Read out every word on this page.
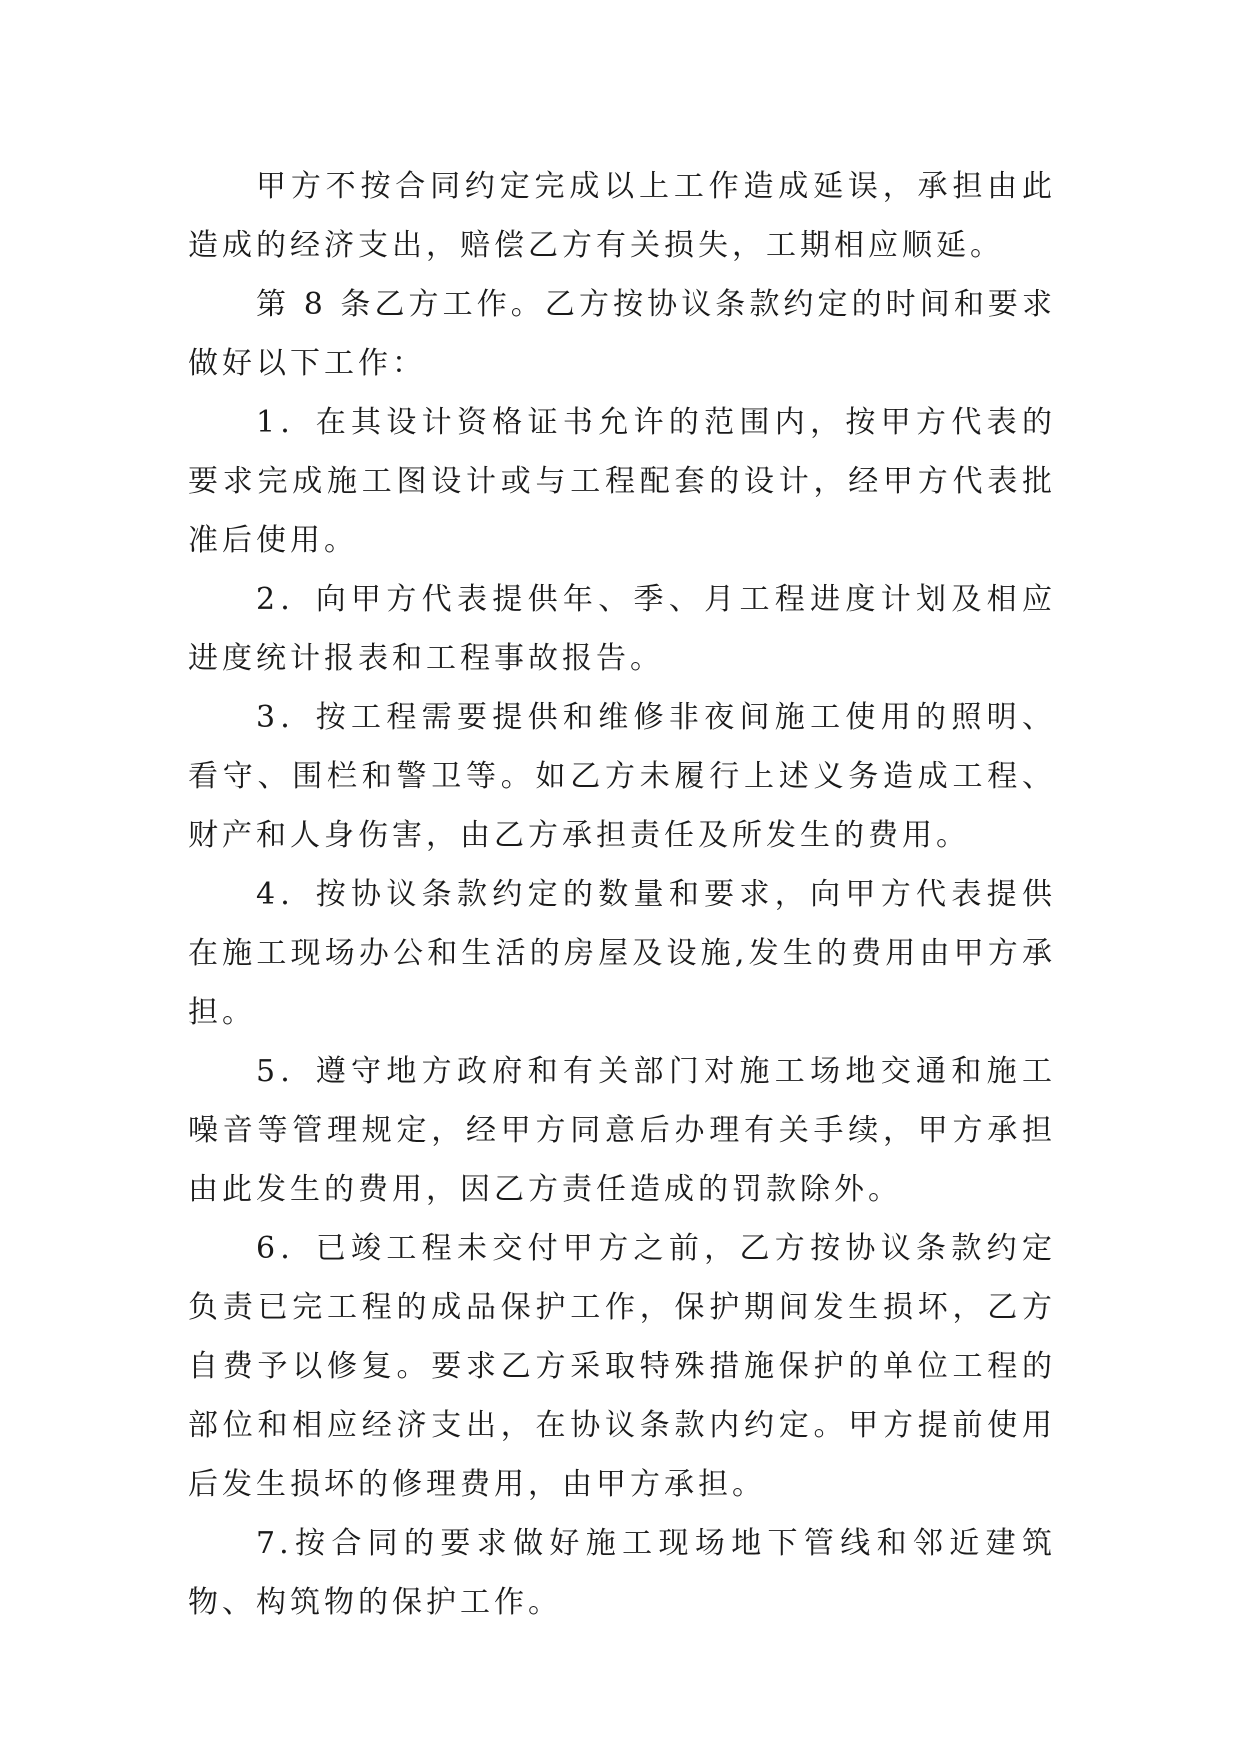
甲方不按合同约定完成以上工作造成延误，承担由此造成的经济支出，赔偿乙方有关损失，工期相应顺延。

第 8 条乙方工作。乙方按协议条款约定的时间和要求做好以下工作：

1．在其设计资格证书允许的范围内，按甲方代表的要求完成施工图设计或与工程配套的设计，经甲方代表批准后使用。

2．向甲方代表提供年、季、月工程进度计划及相应进度统计报表和工程事故报告。

3．按工程需要提供和维修非夜间施工使用的照明、看守、围栏和警卫等。如乙方未履行上述义务造成工程、财产和人身伤害，由乙方承担责任及所发生的费用。

4．按协议条款约定的数量和要求，向甲方代表提供在施工现场办公和生活的房屋及设施,发生的费用由甲方承担。

5．遵守地方政府和有关部门对施工场地交通和施工噪音等管理规定，经甲方同意后办理有关手续，甲方承担由此发生的费用，因乙方责任造成的罚款除外。

6．已竣工程未交付甲方之前，乙方按协议条款约定负责已完工程的成品保护工作，保护期间发生损坏，乙方自费予以修复。要求乙方采取特殊措施保护的单位工程的部位和相应经济支出，在协议条款内约定。甲方提前使用后发生损坏的修理费用，由甲方承担。

7.按合同的要求做好施工现场地下管线和邻近建筑物、构筑物的保护工作。
